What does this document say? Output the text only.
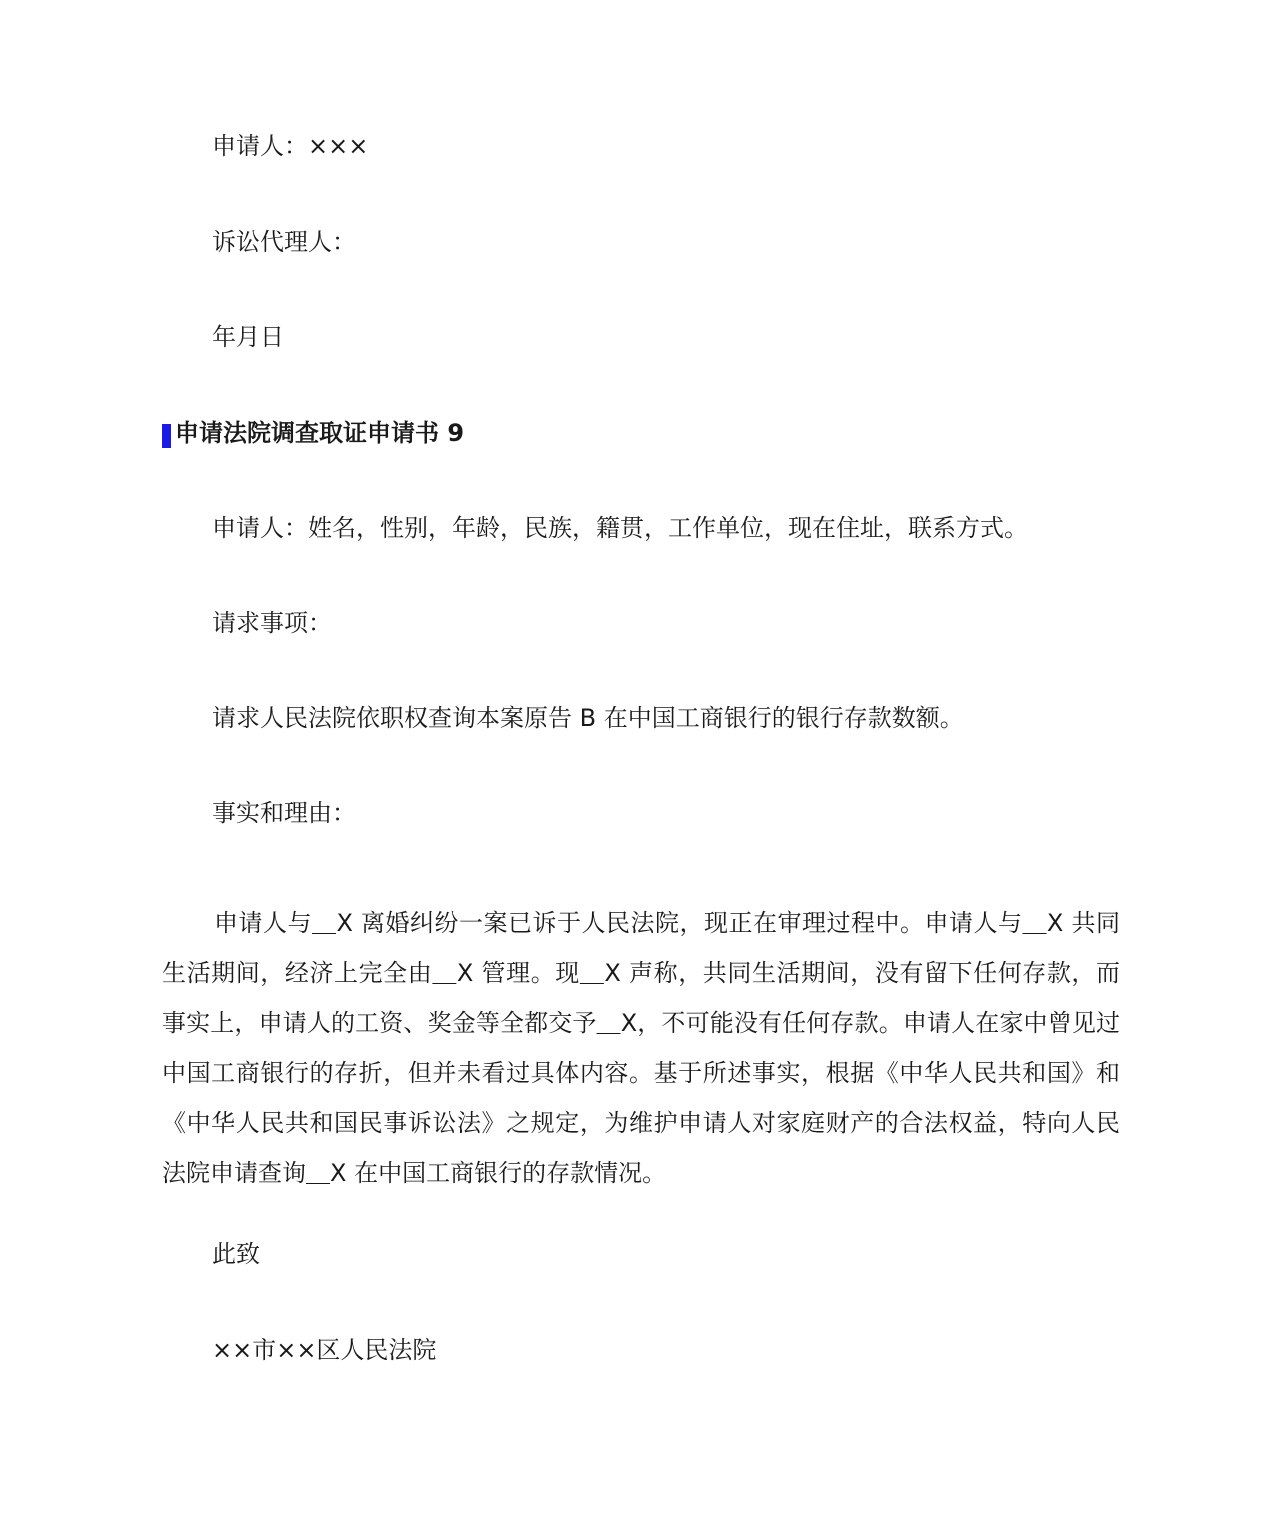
申请人：×××
诉讼代理人：
年月日
申请法院调查取证申请书 9
申请人：姓名，性别，年龄，民族，籍贯，工作单位，现在住址，联系方式。
请求事项：
请求人民法院依职权查询本案原告 B 在中国工商银行的银行存款数额。
事实和理由：
申请人与＿X 离婚纠纷一案已诉于人民法院，现正在审理过程中。申请人与＿X 共同生活期间，经济上完全由＿X 管理。现＿X 声称，共同生活期间，没有留下任何存款，而事实上，申请人的工资、奖金等全都交予＿X，不可能没有任何存款。申请人在家中曾见过中国工商银行的存折，但并未看过具体内容。基于所述事实，根据《中华人民共和国》和《中华人民共和国民事诉讼法》之规定，为维护申请人对家庭财产的合法权益，特向人民法院申请查询＿X 在中国工商银行的存款情况。
此致
××市××区人民法院
